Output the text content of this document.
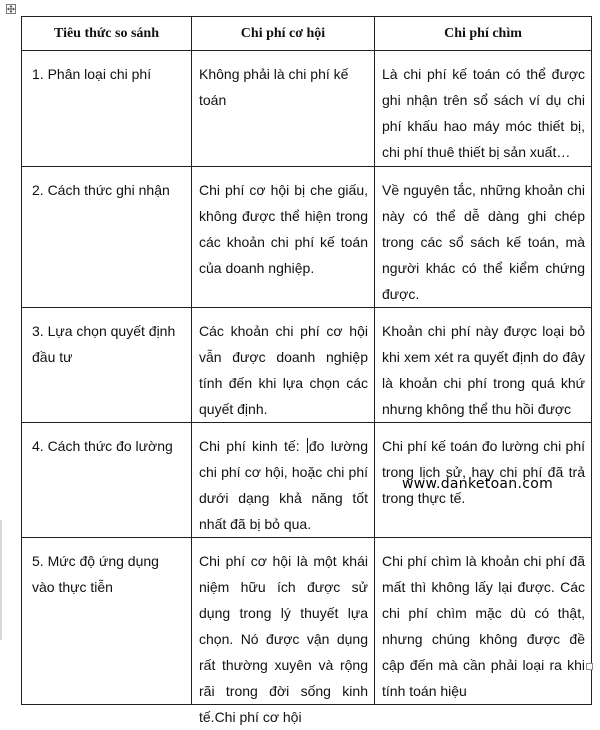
Tiêu thức so sánh	Chi phí cơ hội	Chi phí chìm
1. Phân loại chi phí	Không phải là chi phí kế toán	Là chi phí kế toán có thể được ghi nhận trên sổ sách ví dụ chi phí khấu hao máy móc thiết bị, chi phí thuê thiết bị sản xuất…
2. Cách thức ghi nhận	Chi phí cơ hội bị che giấu, không được thể hiện trong các khoản chi phí kế toán của doanh nghiệp.	Về nguyên tắc, những khoản chi này có thể dễ dàng ghi chép trong các sổ sách kế toán, mà người khác có thể kiểm chứng được.
3. Lựa chọn quyết định đầu tư	Các khoản chi phí cơ hội vẫn được doanh nghiệp tính đến khi lựa chọn các quyết định.	Khoản chi phí này được loại bỏ khi xem xét ra quyết định do đây là khoản chi phí trong quá khứ nhưng không thể thu hồi được
4. Cách thức đo lường	Chi phí kinh tế: đo lường chi phí cơ hội, hoặc chi phí dưới dạng khả năng tốt nhất đã bị bỏ qua.	Chi phí kế toán đo lường chi phí trong lịch sử, hay chi phí đã trả trong thực tế.
5. Mức độ ứng dụng vào thực tiễn	Chi phí cơ hội là một khái niệm hữu ích được sử dụng trong lý thuyết lựa chọn. Nó được vận dụng rất thường xuyên và rộng rãi trong đời sống kinh tế.Chi phí cơ hội	Chi phí chìm là khoản chi phí đã mất thì không lấy lại được. Các chi phí chìm mặc dù có thật, nhưng chúng không được đề cập đến mà cần phải loại ra khi tính toán hiệu
www.danketoan.com
